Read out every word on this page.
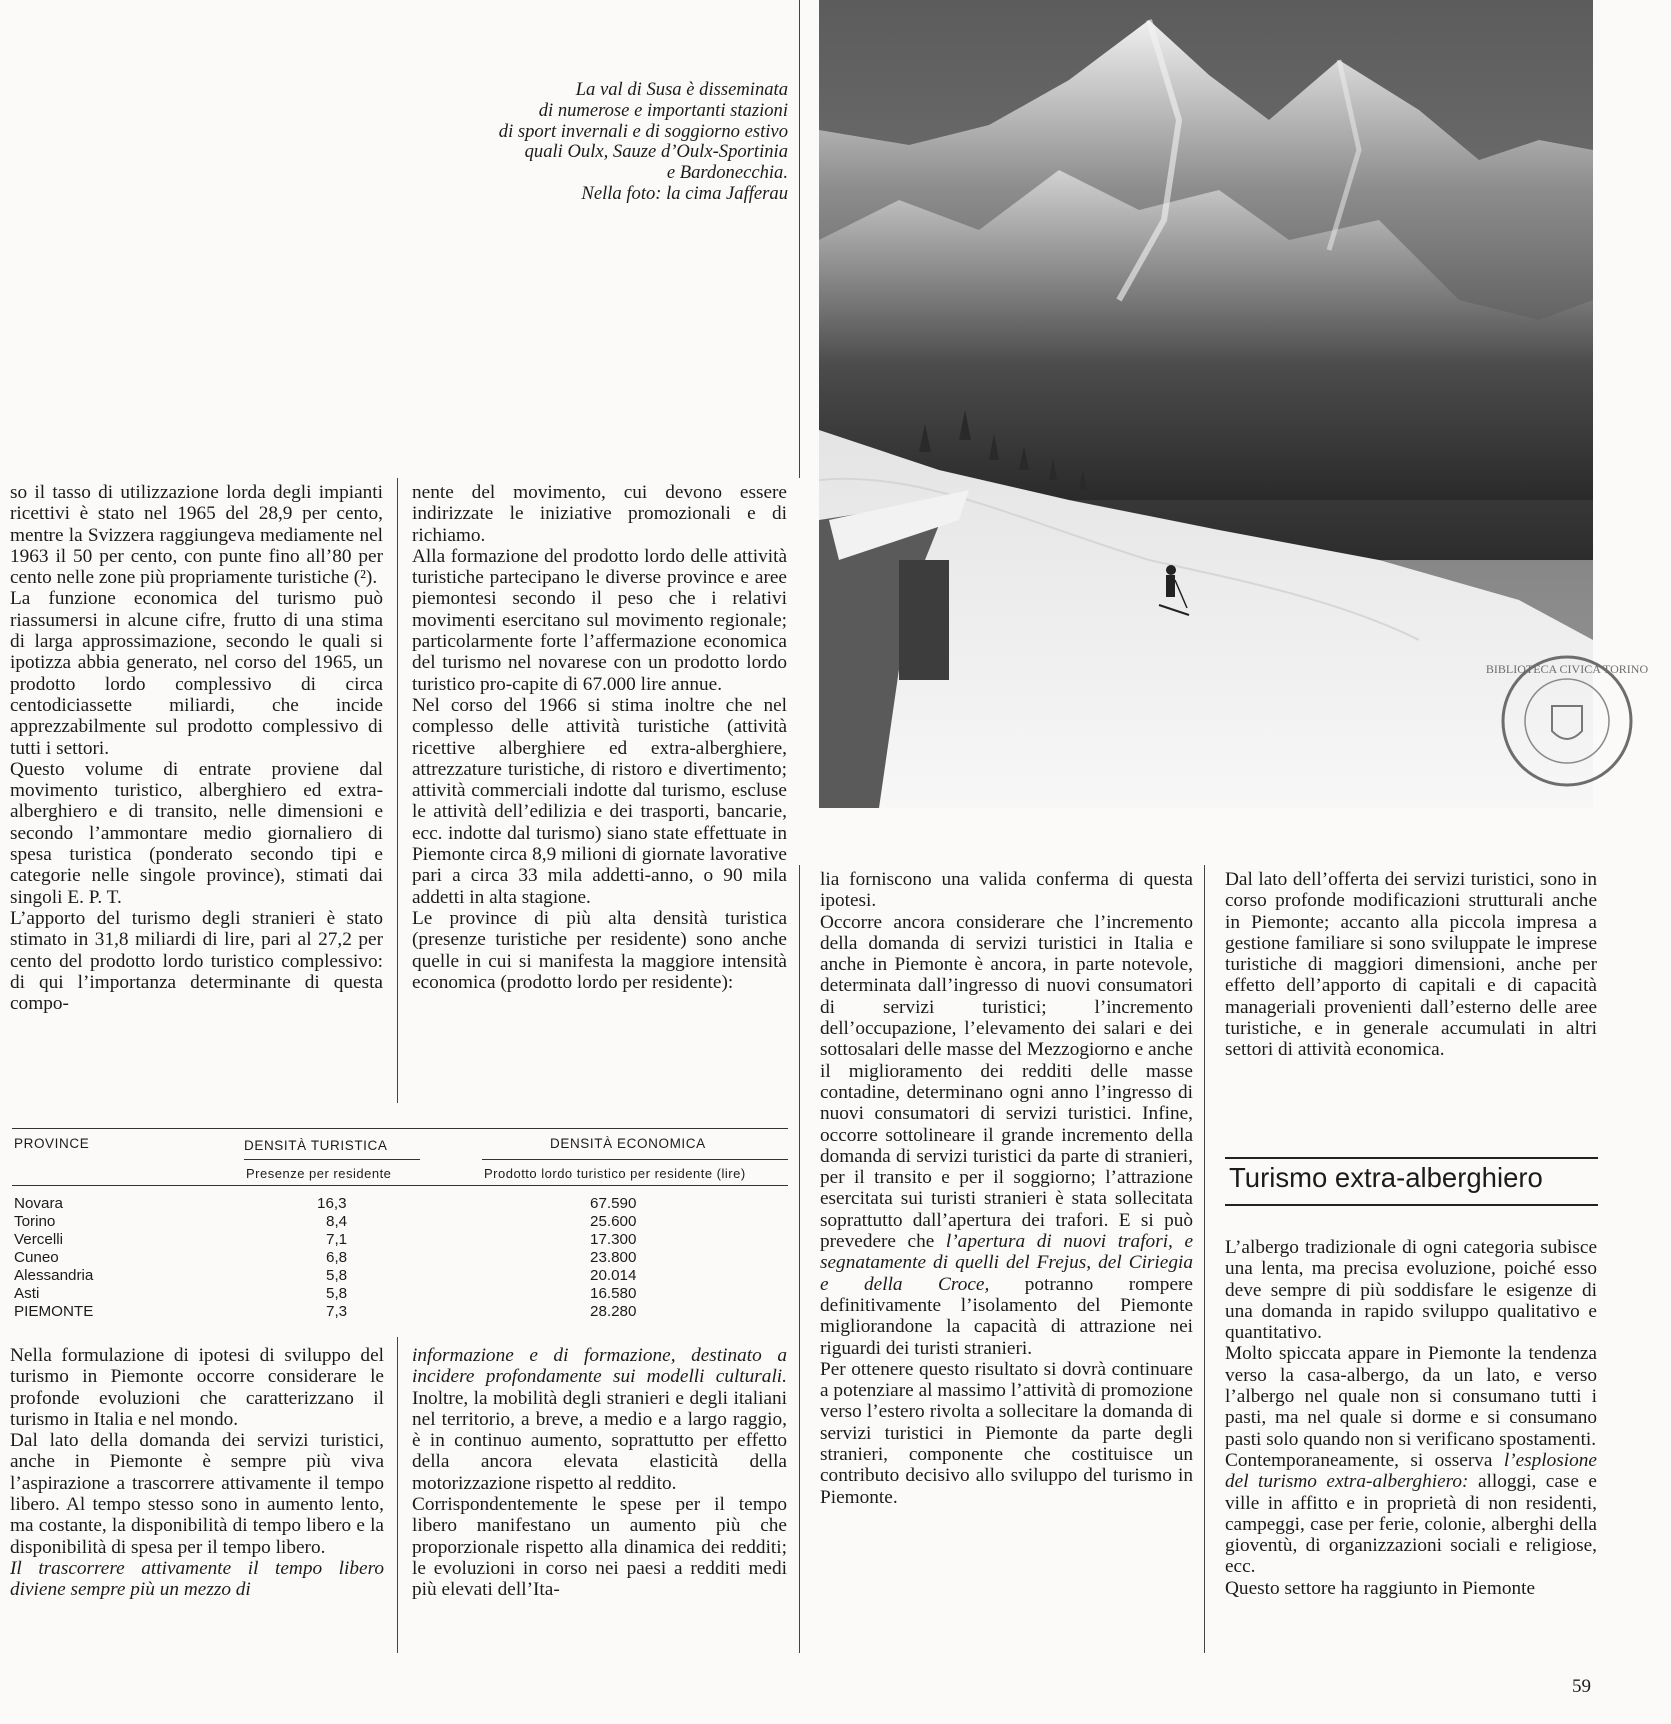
La val di Susa è disseminata
di numerose e importanti stazioni
di sport invernali e di soggiorno estivo
quali Oulx, Sauze d’Oulx-Sportinia
e Bardonecchia.
Nella foto: la cima Jafferau
BIBLIOTECA CIVICA TORINO

so il tasso di utilizzazione lorda degli impianti ricettivi è stato nel 1965 del 28,9 per cento, mentre la Svizzera raggiungeva mediamente nel 1963 il 50 per cento, con punte fino all’80 per cento nelle zone più propriamente turistiche (²).

La funzione economica del turismo può riassumersi in alcune cifre, frutto di una stima di larga approssimazione, secondo le quali si ipotizza abbia generato, nel corso del 1965, un prodotto lordo complessivo di circa centodiciassette miliardi, che incide apprezzabilmente sul prodotto complessivo di tutti i settori.

Questo volume di entrate proviene dal movimento turistico, alberghiero ed extra-alberghiero e di transito, nelle dimensioni e secondo l’ammontare medio giornaliero di spesa turistica (ponderato secondo tipi e categorie nelle singole province), stimati dai singoli E. P. T.

L’apporto del turismo degli stranieri è stato stimato in 31,8 miliardi di lire, pari al 27,2 per cento del prodotto lordo turistico complessivo: di qui l’importanza determinante di questa compo-

nente del movimento, cui devono essere indirizzate le iniziative promozionali e di richiamo.

Alla formazione del prodotto lordo delle attività turistiche partecipano le diverse province e aree piemontesi secondo il peso che i relativi movimenti esercitano sul movimento regionale; particolarmente forte l’affermazione economica del turismo nel novarese con un prodotto lordo turistico pro-capite di 67.000 lire annue.

Nel corso del 1966 si stima inoltre che nel complesso delle attività turistiche (attività ricettive alberghiere ed extra-alberghiere, attrezzature turistiche, di ristoro e divertimento; attività commerciali indotte dal turismo, escluse le attività dell’edilizia e dei trasporti, bancarie, ecc. indotte dal turismo) siano state effettuate in Piemonte circa 8,9 milioni di giornate lavorative pari a circa 33 mila addetti-anno, o 90 mila addetti in alta stagione.

Le province di più alta densità turistica (presenze turistiche per residente) sono anche quelle in cui si manifesta la maggiore intensità economica (prodotto lordo per residente):

lia forniscono una valida conferma di questa ipotesi.

Occorre ancora considerare che l’incremento della domanda di servizi turistici in Italia e anche in Piemonte è ancora, in parte notevole, determinata dall’ingresso di nuovi consumatori di servizi turistici; l’incremento dell’occupazione, l’elevamento dei salari e dei sottosalari delle masse del Mezzogiorno e anche il miglioramento dei redditi delle masse contadine, determinano ogni anno l’ingresso di nuovi consumatori di servizi turistici. Infine, occorre sottolineare il grande incremento della domanda di servizi turistici da parte di stranieri, per il transito e per il soggiorno; l’attrazione esercitata sui turisti stranieri è stata sollecitata soprattutto dall’apertura dei trafori. E si può prevedere che l’apertura di nuovi trafori, e segnatamente di quelli del Frejus, del Ciriegia e della Croce, potranno rompere definitivamente l’isolamento del Piemonte migliorandone la capacità di attrazione nei riguardi dei turisti stranieri.

Per ottenere questo risultato si dovrà continuare a potenziare al massimo l’attività di promozione verso l’estero rivolta a sollecitare la domanda di servizi turistici in Piemonte da parte degli stranieri, componente che costituisce un contributo decisivo allo sviluppo del turismo in Piemonte.

Dal lato dell’offerta dei servizi turistici, sono in corso profonde modificazioni strutturali anche in Piemonte; accanto alla piccola impresa a gestione familiare si sono sviluppate le imprese turistiche di maggiori dimensioni, anche per effetto dell’apporto di capitali e di capacità manageriali provenienti dall’esterno delle aree turistiche, e in generale accumulati in altri settori di attività economica.

Turismo extra-alberghiero

L’albergo tradizionale di ogni categoria subisce una lenta, ma precisa evoluzione, poiché esso deve sempre di più soddisfare le esigenze di una domanda in rapido sviluppo qualitativo e quantitativo.

Molto spiccata appare in Piemonte la tendenza verso la casa-albergo, da un lato, e verso l’albergo nel quale non si consumano tutti i pasti, ma nel quale si dorme e si consumano pasti solo quando non si verificano spostamenti.

Contemporaneamente, si osserva l’esplosione del turismo extra-alberghiero: alloggi, case e ville in affitto e in proprietà di non residenti, campeggi, case per ferie, colonie, alberghi della gioventù, di organizzazioni sociali e religiose, ecc.

Questo settore ha raggiunto in Piemonte

PROVINCE	DENSITÀ TURISTICA	DENSITÀ ECONOMICA
Presenze per residente	Prodotto lordo turistico per residente (lire)
Novara	16,3	67.590
Torino	8,4	25.600
Vercelli	7,1	17.300
Cuneo	6,8	23.800
Alessandria	5,8	20.014
Asti	5,8	16.580
PIEMONTE	7,3	28.280

Nella formulazione di ipotesi di sviluppo del turismo in Piemonte occorre considerare le profonde evoluzioni che caratterizzano il turismo in Italia e nel mondo.

Dal lato della domanda dei servizi turistici, anche in Piemonte è sempre più viva l’aspirazione a trascorrere attivamente il tempo libero. Al tempo stesso sono in aumento lento, ma costante, la disponibilità di tempo libero e la disponibilità di spesa per il tempo libero.

Il trascorrere attivamente il tempo libero diviene sempre più un mezzo di

informazione e di formazione, destinato a incidere profondamente sui modelli culturali. Inoltre, la mobilità degli stranieri e degli italiani nel territorio, a breve, a medio e a largo raggio, è in continuo aumento, soprattutto per effetto della ancora elevata elasticità della motorizzazione rispetto al reddito.

Corrispondentemente le spese per il tempo libero manifestano un aumento più che proporzionale rispetto alla dinamica dei redditi; le evoluzioni in corso nei paesi a redditi medi più elevati dell’Ita-

59
